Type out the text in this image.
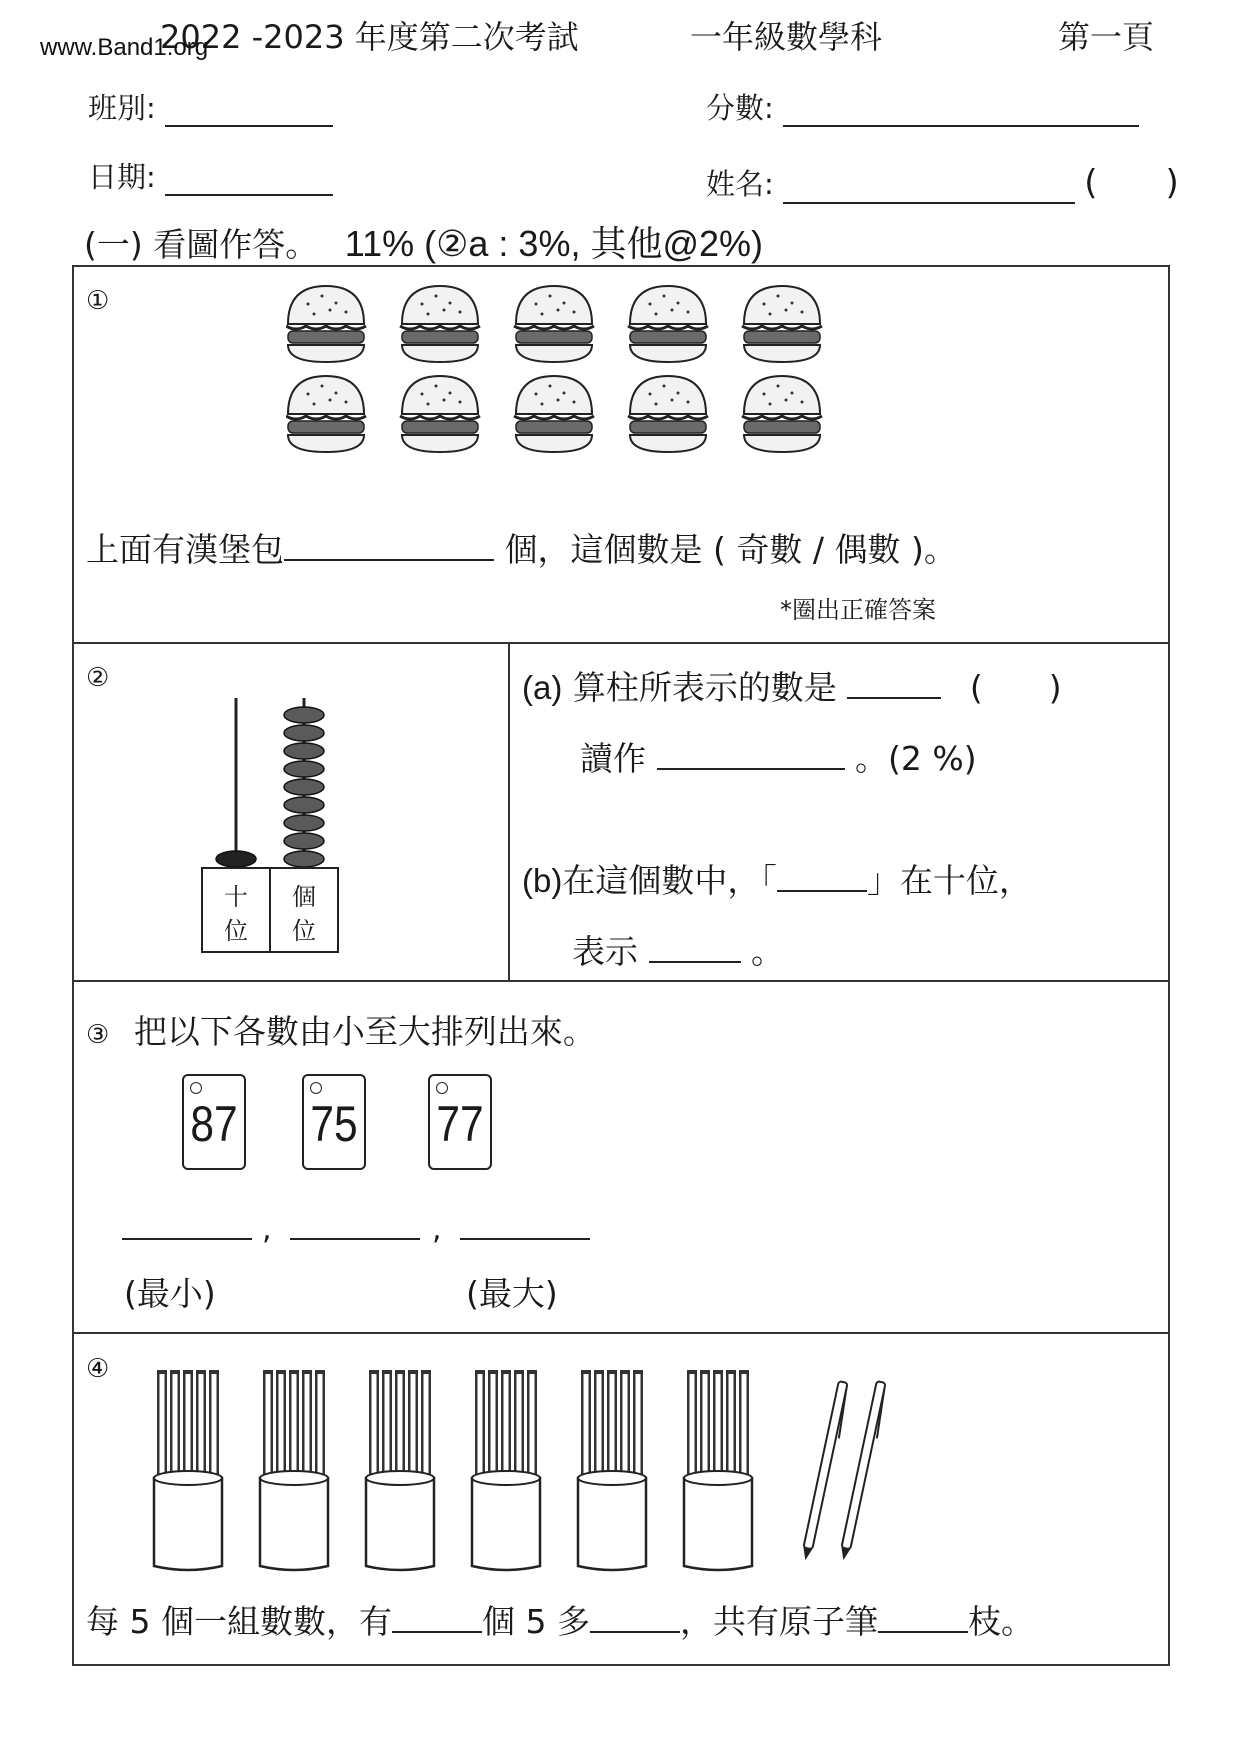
2022 -2023 年度第二次考試	一年級數學科	第一頁
www.Band1.org
班別:	分數:
日期:	姓名:	(　　)
(一) 看圖作答。 11% (②a : 3%, 其他@2%)
①
上面有漢堡包	個，這個數是 ( 奇數 / 偶數 )。
*圈出正確答案
②
十
位
個
位
(a) 算柱所表示的數是	(　　)
讀作	。(2 %)
(b)在這個數中，「	」在十位，
表示	。
③ 把以下各數由小至大排列出來。
87 75 77
,	,
(最小)	(最大)
④
每 5 個一組數數，有	個 5 多	，共有原子筆	枝。
